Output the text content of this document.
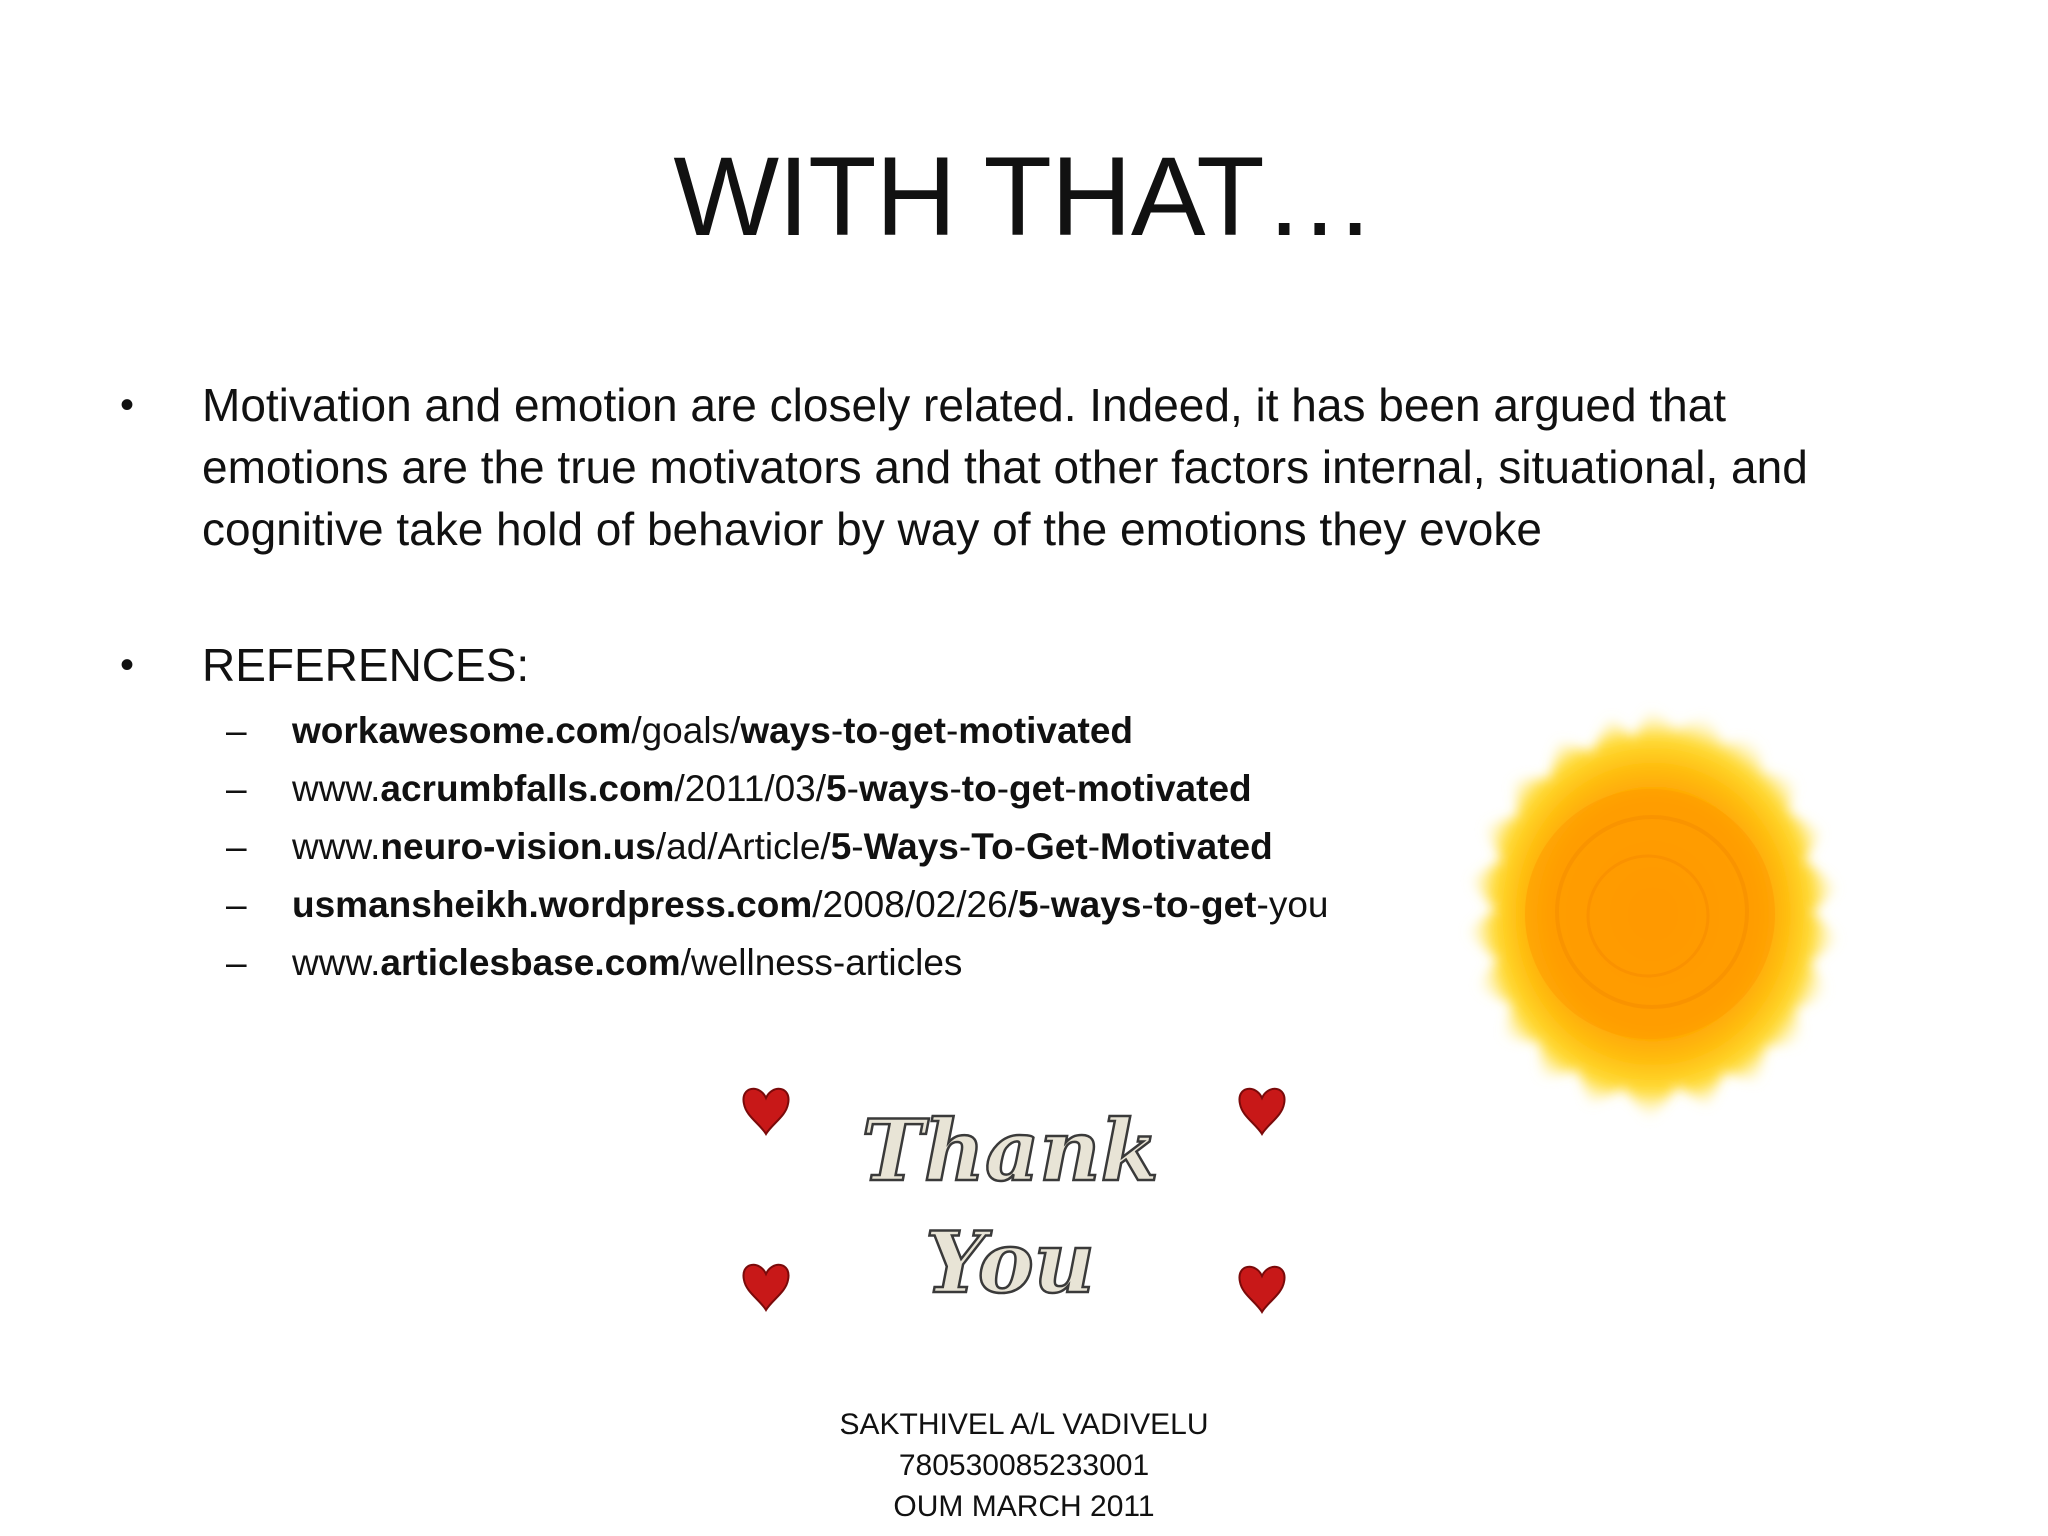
WITH THAT…
•	Motivation and emotion are closely related. Indeed, it has been argued that emotions are the true motivators and that other factors internal, situational, and cognitive take hold of behavior by way of the emotions they evoke
•	REFERENCES:
– workawesome.com/goals/ways-to-get-motivated
– www.acrumbfalls.com/2011/03/5-ways-to-get-motivated
– www.neuro-vision.us/ad/Article/5-Ways-To-Get-Motivated
– usmansheikh.wordpress.com/2008/02/26/5-ways-to-get-you
– www.articlesbase.com/wellness-articles
Thank
You
SAKTHIVEL A/L VADIVELU
780530085233001
OUM MARCH 2011
